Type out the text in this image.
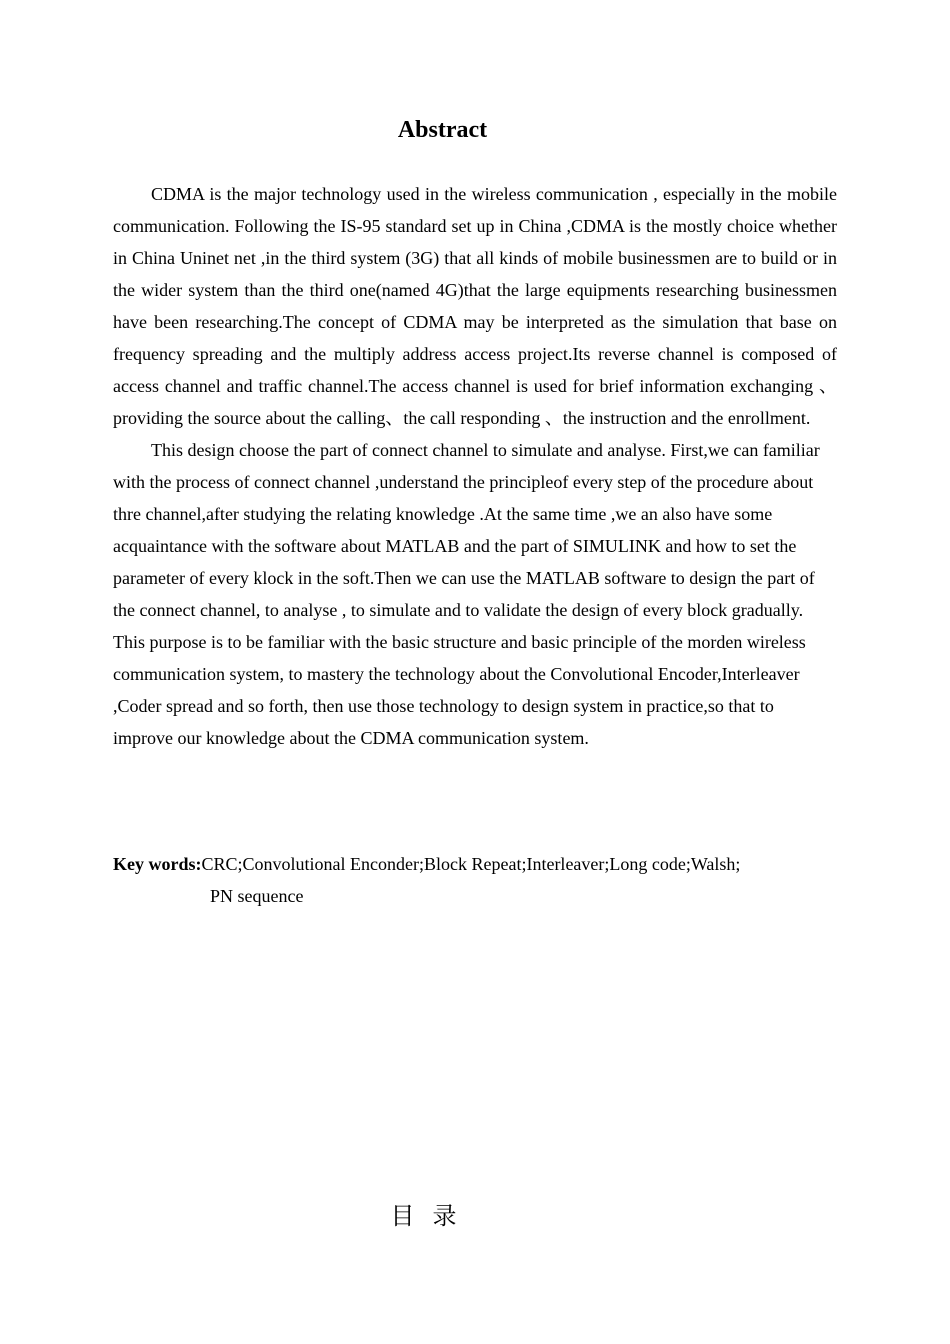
Abstract

CDMA is the major technology used in the wireless communication , especially in the mobile communication. Following the IS-95 standard set up in China ,CDMA is the mostly choice whether in China Uninet net ,in the third system (3G) that all kinds of mobile businessmen are to build or in the wider system than the third one(named 4G)that the large equipments researching businessmen have been researching.The concept of CDMA may be interpreted as the simulation that base on frequency spreading and the multiply address access project.Its reverse channel is composed of access channel and traffic channel.The access channel is used for brief information exchanging 、providing the source about the calling、the call responding 、the instruction and the enrollment.

This design choose the part of connect channel to simulate and analyse. First,we can familiar with the process of connect channel ,understand the principleof every step of the procedure about thre channel,after studying the relating knowledge .At the same time ,we an also have some acquaintance with the software about MATLAB and the part of SIMULINK and how to set the parameter of every klock in the soft.Then we can use the MATLAB software to design the part of the connect channel, to analyse , to simulate and to validate the design of every block gradually. This purpose is to be familiar with the basic structure and basic principle of the morden wireless communication system, to mastery the technology about the Convolutional Encoder,Interleaver ,Coder spread and so forth, then use those technology to design system in practice,so that to improve our knowledge about the CDMA communication system.

Key words:CRC;Convolutional Enconder;Block Repeat;Interleaver;Long code;Walsh;
PN sequence
目录
